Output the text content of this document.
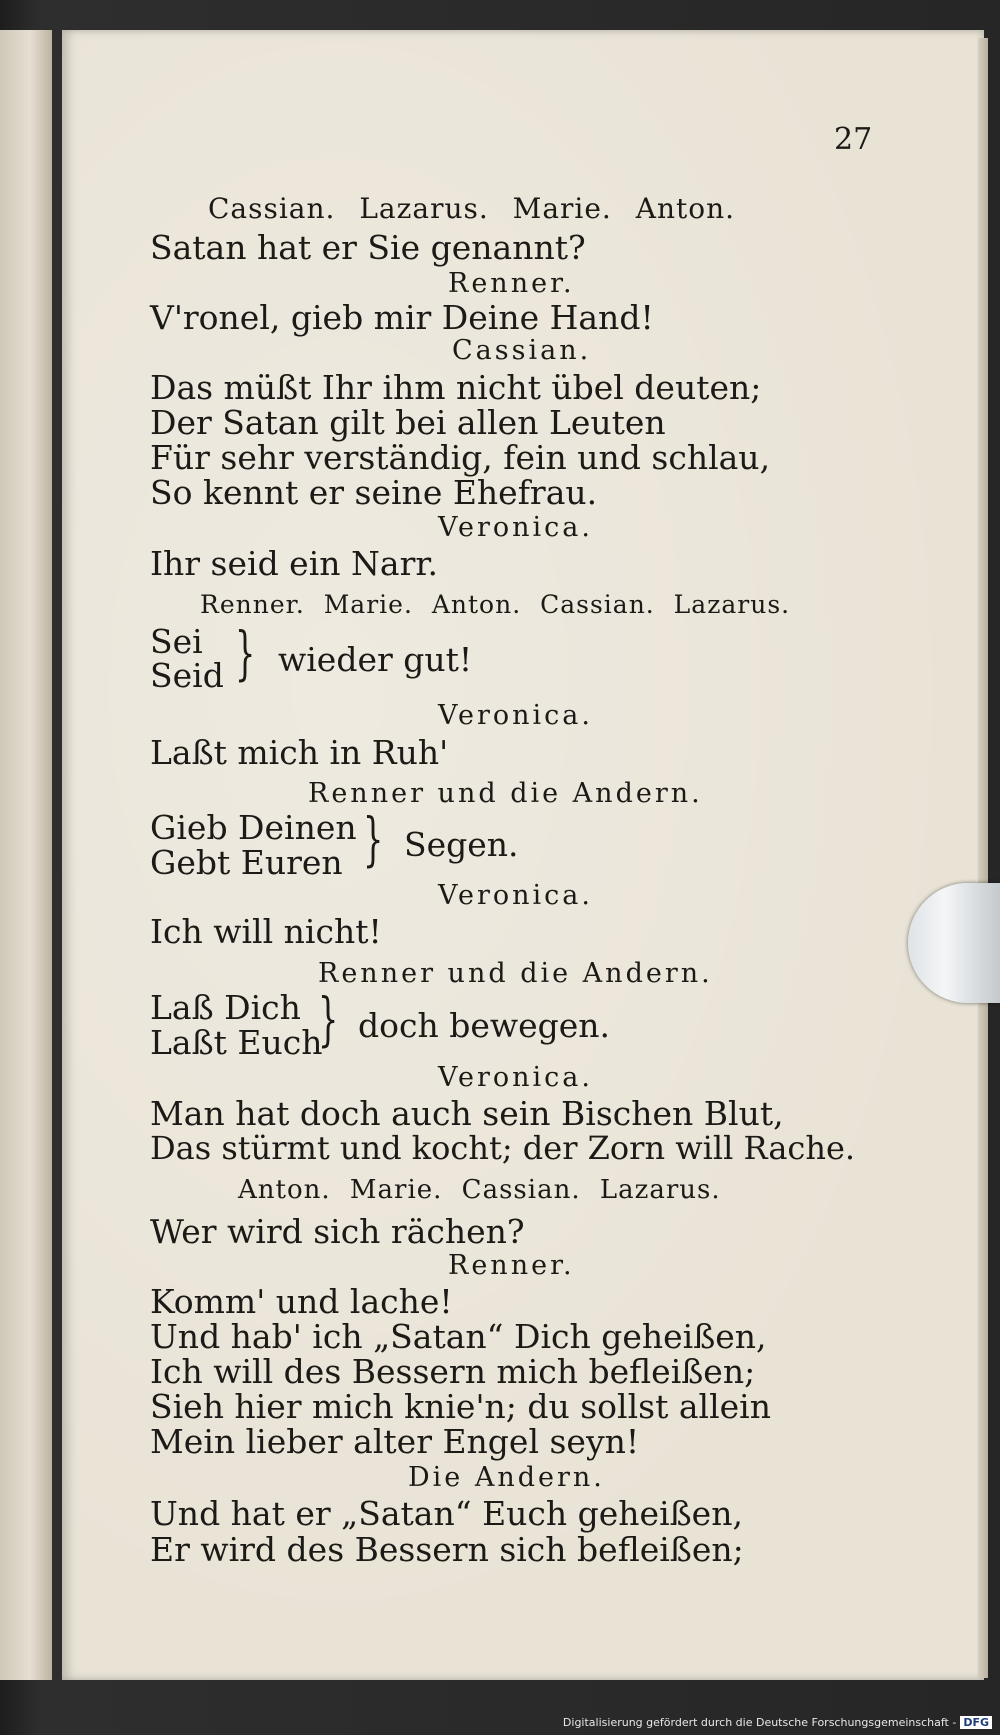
27
Cassian. Lazarus. Marie. Anton.
Satan hat er Sie genannt?
Renner.
V'ronel, gieb mir Deine Hand!
Cassian.
Das müßt Ihr ihm nicht übel deuten;
Der Satan gilt bei allen Leuten
Für sehr verständig, fein und schlau,
So kennt er seine Ehefrau.
Veronica.
Ihr seid ein Narr.
Renner. Marie. Anton. Cassian. Lazarus.
Sei
Seid } wieder gut!
Veronica.
Laßt mich in Ruh'
Renner und die Andern.
Gieb Deinen
Gebt Euren } Segen.
Veronica.
Ich will nicht!
Renner und die Andern.
Laß Dich
Laßt Euch
} doch bewegen.
Veronica.
Man hat doch auch sein Bischen Blut,
Das stürmt und kocht; der Zorn will Rache.
Anton. Marie. Cassian. Lazarus.
Wer wird sich rächen?
Renner.
Komm' und lache!
Und hab' ich „Satan“ Dich geheißen,
Ich will des Bessern mich befleißen;
Sieh hier mich knie'n; du sollst allein
Mein lieber alter Engel seyn!
Die Andern.
Und hat er „Satan“ Euch geheißen,
Er wird des Bessern sich befleißen;
Digitalisierung gefördert durch die Deutsche Forschungsgemeinschaft - DFG
